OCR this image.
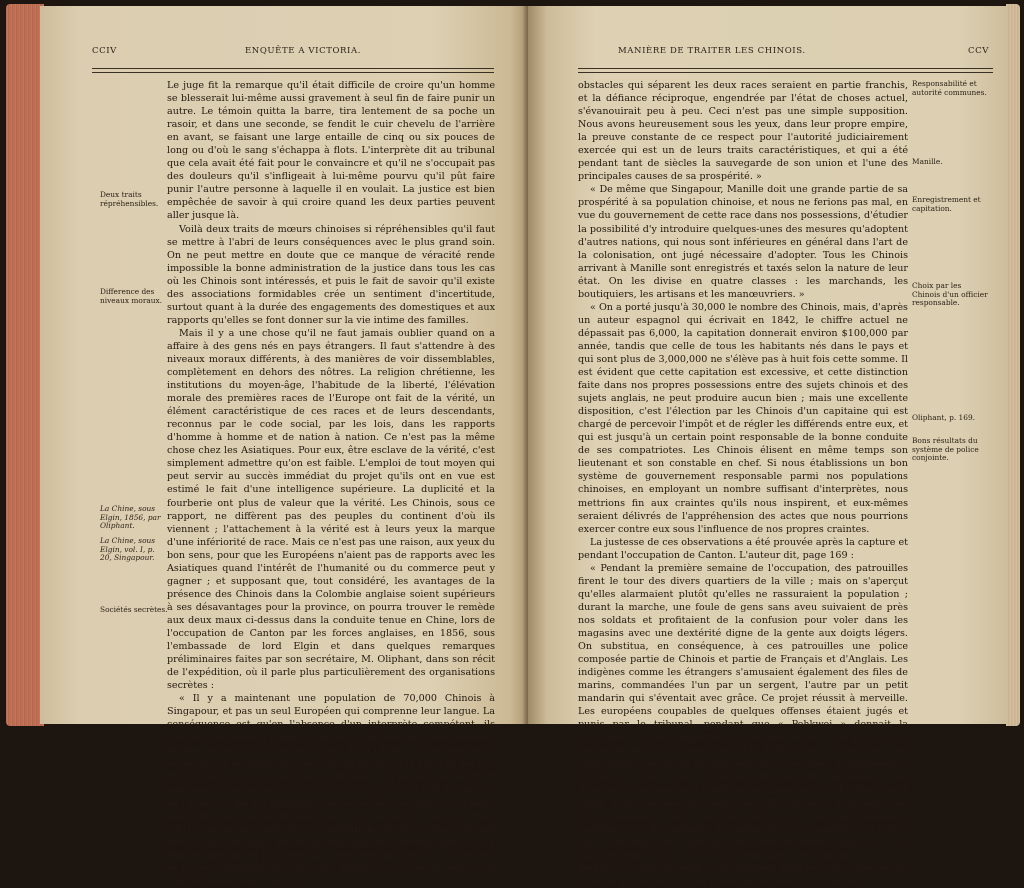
CCIV	ENQUÊTE A VICTORIA.

Le juge fit la remarque qu'il était difficile de croire qu'un homme se blesserait lui-même aussi gravement à seul fin de faire punir un autre. Le témoin quitta la barre, tira lentement de sa poche un rasoir, et dans une seconde, se fendit le cuir chevelu de l'arrière en avant, se faisant une large entaille de cinq ou six pouces de long ou d'où le sang s'échappa à flots. L'interprète dit au tribunal que cela avait été fait pour le convaincre et qu'il ne s'occupait pas des douleurs qu'il s'infligeait à lui-même pourvu qu'il pût faire punir l'autre personne à laquelle il en voulait. La justice est bien empêchée de savoir à qui croire quand les deux parties peuvent aller jusque là.

Voilà deux traits de mœurs chinoises si répréhensibles qu'il faut se mettre à l'abri de leurs conséquences avec le plus grand soin. On ne peut mettre en doute que ce manque de véracité rende impossible la bonne administration de la justice dans tous les cas où les Chinois sont intéressés, et puis le fait de savoir qu'il existe des associations formidables crée un sentiment d'incertitude, surtout quant à la durée des engagements des domestiques et aux rapports qu'elles se font donner sur la vie intime des familles.

Mais il y a une chose qu'il ne faut jamais oublier quand on a affaire à des gens nés en pays étrangers. Il faut s'attendre à des niveaux moraux différents, à des manières de voir dissemblables, complètement en dehors des nôtres. La religion chrétienne, les institutions du moyen-âge, l'habitude de la liberté, l'élévation morale des premières races de l'Europe ont fait de la vérité, un élément caractéristique de ces races et de leurs descendants, reconnus par le code social, par les lois, dans les rapports d'homme à homme et de nation à nation. Ce n'est pas la même chose chez les Asiatiques. Pour eux, être esclave de la vérité, c'est simplement admettre qu'on est faible. L'emploi de tout moyen qui peut servir au succès immédiat du projet qu'ils ont en vue est estimé le fait d'une intelligence supérieure. La duplicité et la fourberie ont plus de valeur que la vérité. Les Chinois, sous ce rapport, ne diffèrent pas des peuples du continent d'où ils viennent ; l'attachement à la vérité est à leurs yeux la marque d'une infériorité de race. Mais ce n'est pas une raison, aux yeux du bon sens, pour que les Européens n'aient pas de rapports avec les Asiatiques quand l'intérêt de l'humanité ou du commerce peut y gagner ; et supposant que, tout considéré, les avantages de la présence des Chinois dans la Colombie anglaise soient supérieurs à ses désavantages pour la province, on pourra trouver le remède aux deux maux ci-dessus dans la conduite tenue en Chine, lors de l'occupation de Canton par les forces anglaises, en 1856, sous l'embassade de lord Elgin et dans quelques remarques préliminaires faites par son secrétaire, M. Oliphant, dans son récit de l'expédition, où il parle plus particulièrement des organisations secrètes :

« Il y a maintenant une population de 70,000 Chinois à Singapour, et pas un seul Européen qui comprenne leur langue. La conséquence est qu'en l'absence d'un interprète compétent, ils ignorent en général quelles sont les intentions du gouvernement, et que, se considérant encore sujets de la Chine, ils sont exposés à se mettre en antagonisme avec lui chaque fois que l'on fait des lois qui touchent à leurs coutumes nationales. On ne fait aucun effort pour réagir contre un certain esprit d'exclusion qui naît de cet état de choses, et qui est entretenu par les sociétés secrètes, lesquelles exercent une grande influence sur tous les esprits, mais surtout sur la partie ignorante de la population. Si des Chinois étaient revêtus de certaines fonctions relevant du gouvernement, si on leur permettait de partager dans une certaine mesure les devoirs et la responsabilité des citoyens anglais, chose qu'ils ont assez d'intelligence pour faire, les

Deux traits répréhensibles.
Difference des niveaux moraux.
La Chine, sous Elgin, 1856, par Oliphant.
La Chine, sous Elgin, vol. I, p. 20, Singapour.
Sociétés secrètes.
MANIÈRE DE TRAITER LES CHINOIS.	CCV

obstacles qui séparent les deux races seraient en partie franchis, et la défiance réciproque, engendrée par l'état de choses actuel, s'évanouirait peu à peu. Ceci n'est pas une simple supposition. Nous avons heureusement sous les yeux, dans leur propre empire, la preuve constante de ce respect pour l'autorité judiciairement exercée qui est un de leurs traits caractéristiques, et qui a été pendant tant de siècles la sauvegarde de son union et l'une des principales causes de sa prospérité. »

« De même que Singapour, Manille doit une grande partie de sa prospérité à sa population chinoise, et nous ne ferions pas mal, en vue du gouvernement de cette race dans nos possessions, d'étudier la possibilité d'y introduire quelques-unes des mesures qu'adoptent d'autres nations, qui nous sont inférieures en général dans l'art de la colonisation, ont jugé nécessaire d'adopter. Tous les Chinois arrivant à Manille sont enregistrés et taxés selon la nature de leur état. On les divise en quatre classes : les marchands, les boutiquiers, les artisans et les manœuvriers. »

« On a porté jusqu'à 30,000 le nombre des Chinois, mais, d'après un auteur espagnol qui écrivait en 1842, le chiffre actuel ne dépassait pas 6,000, la capitation donnerait environ $100,000 par année, tandis que celle de tous les habitants nés dans le pays et qui sont plus de 3,000,000 ne s'élève pas à huit fois cette somme. Il est évident que cette capitation est excessive, et cette distinction faite dans nos propres possessions entre des sujets chinois et des sujets anglais, ne peut produire aucun bien ; mais une excellente disposition, c'est l'élection par les Chinois d'un capitaine qui est chargé de percevoir l'impôt et de régler les différends entre eux, et qui est jusqu'à un certain point responsable de la bonne conduite de ses compatriotes. Les Chinois élisent en même temps son lieutenant et son constable en chef. Si nous établissions un bon système de gouvernement responsable parmi nos populations chinoises, en employant un nombre suffisant d'interprètes, nous mettrions fin aux craintes qu'ils nous inspirent, et eux-mêmes seraient délivrés de l'appréhension des actes que nous pourrions exercer contre eux sous l'influence de nos propres craintes.

La justesse de ces observations a été prouvée après la capture et pendant l'occupation de Canton. L'auteur dit, page 169 :

« Pendant la première semaine de l'occupation, des patrouilles firent le tour des divers quartiers de la ville ; mais on s'aperçut qu'elles alarmaient plutôt qu'elles ne rassuraient la population ; durant la marche, une foule de gens sans aveu suivaient de près nos soldats et profitaient de la confusion pour voler dans les magasins avec une dextérité digne de la gente aux doigts légers. On substitua, en conséquence, à ces patrouilles une police composée partie de Chinois et partie de Français et d'Anglais. Les indigènes comme les étrangers s'amusaient également des files de marins, commandées l'un par un sergent, l'autre par un petit mandarin qui s'éventait avec grâce. Ce projet réussit à merveille. Les européens coupables de quelques offenses étaient jugés et punis par le tribunal, pendant que « Pehkwei » donnait la bastonnade à ses compatriotes avec une rigueur qui prouvait la cordialité de sa co-opération. M. Parkes, en poursuivant ses explorations, découvrit des proclamations destinées à enflammer la population contre les étrangers et que des personnes mal disposées commençaient à afficher en abondance, et Pehkwei reçut ordre d'envoyer des avis aux chefs des districts pour leur dire qu'ils seraient tenus responsables pour ces proclamations insultantes et incendiaires. Ce genre de responsabilité est tout à fait conforme au système du gouvernement chinois. Il a parfaitement réussi dans le gouvernement de Canton ; il a eu le double résultat de tenir constamment Pehkwei en échec et de prouver aux habitants que notre suprématie était absolue. »

Responsabilité et autorité communes.
Manille.
Enregistrement et capitation.
Choix par les Chinois d'un officier responsable.
Oliphant, p. 169.
Bons résultats du système de police conjointe.
